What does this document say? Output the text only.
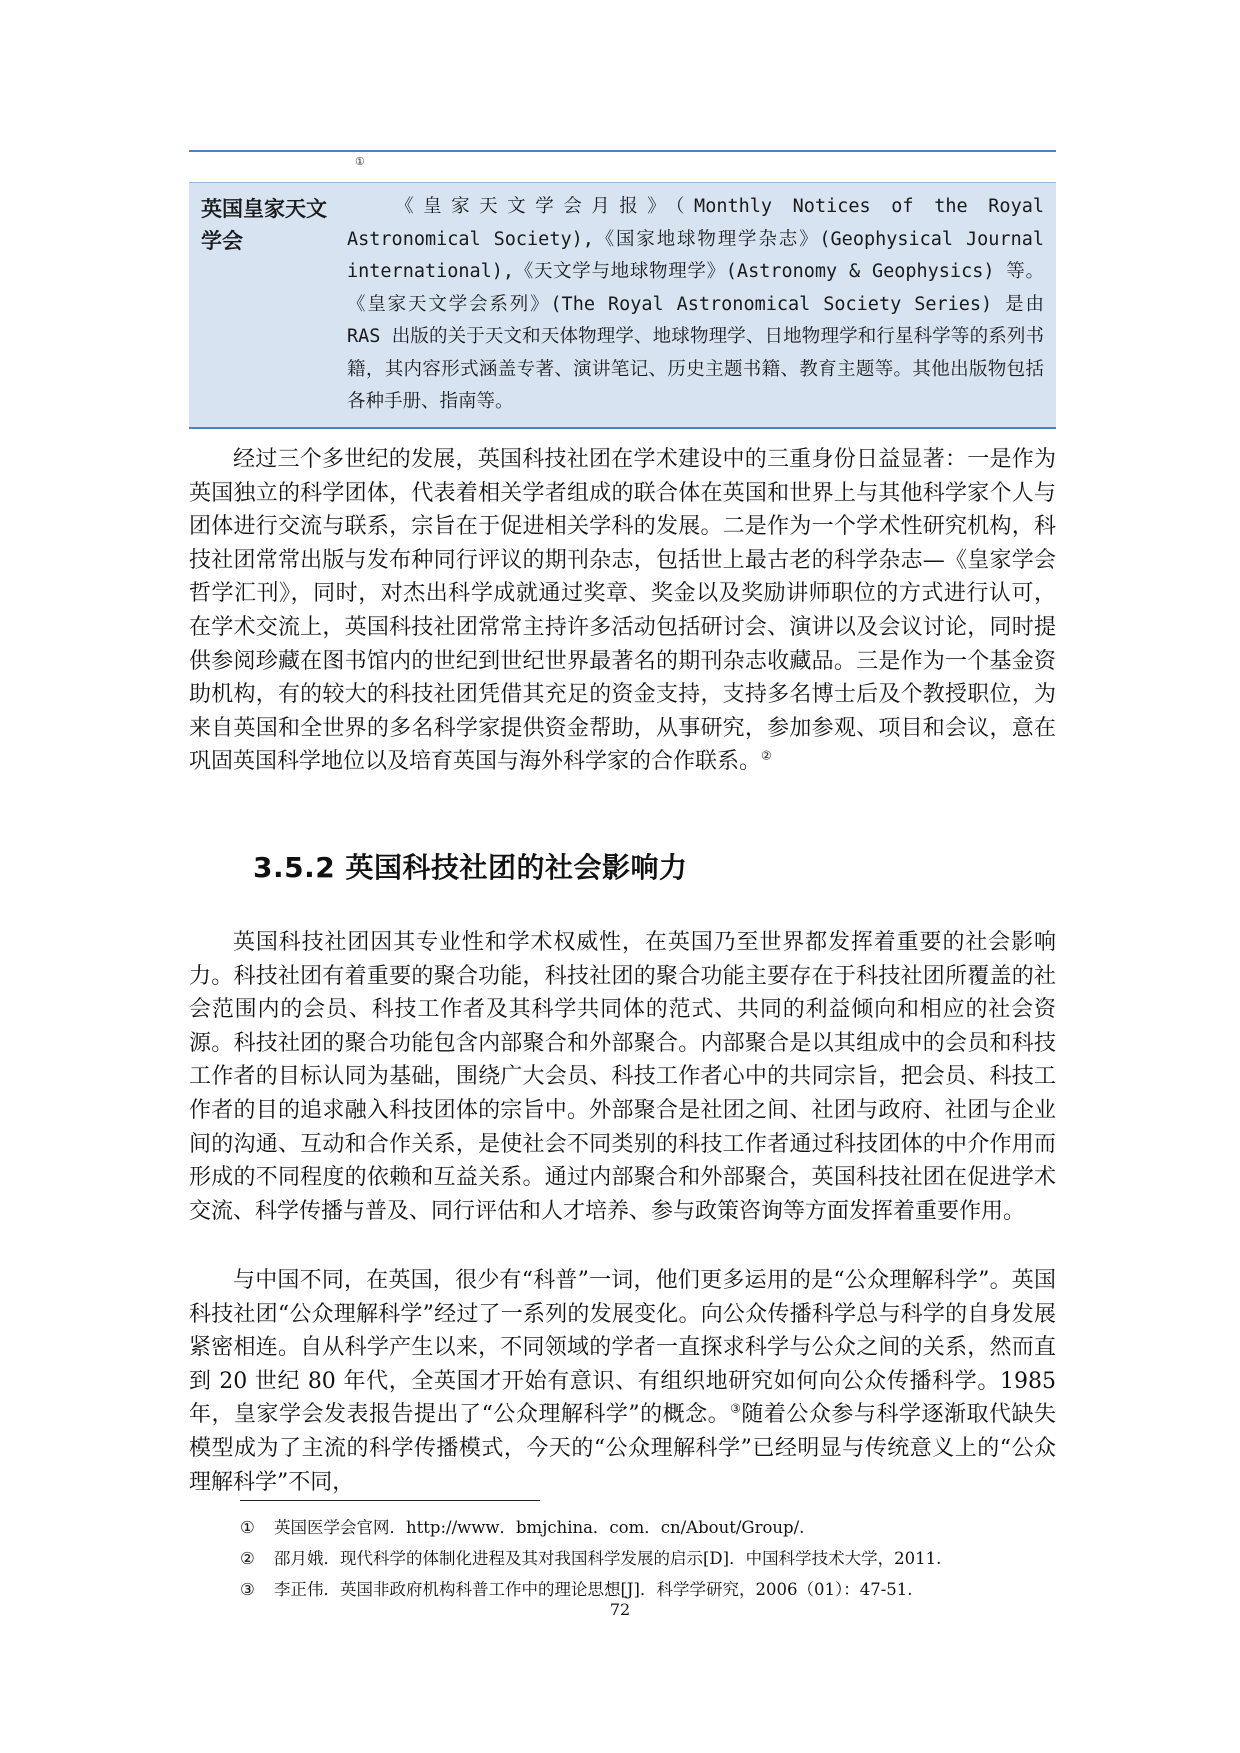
①
英国皇家天文学会
《皇家天文学会月报》（Monthly Notices of the Royal Astronomical Society),《国家地球物理学杂志》(Geophysical Journal international),《天文学与地球物理学》(Astronomy & Geophysics) 等。《皇家天文学会系列》(The Royal Astronomical Society Series) 是由 RAS 出版的关于天文和天体物理学、地球物理学、日地物理学和行星科学等的系列书籍，其内容形式涵盖专著、演讲笔记、历史主题书籍、教育主题等。其他出版物包括各种手册、指南等。

经过三个多世纪的发展，英国科技社团在学术建设中的三重身份日益显著：一是作为英国独立的科学团体，代表着相关学者组成的联合体在英国和世界上与其他科学家个人与团体进行交流与联系，宗旨在于促进相关学科的发展。二是作为一个学术性研究机构，科技社团常常出版与发布种同行评议的期刊杂志，包括世上最古老的科学杂志—《皇家学会哲学汇刊》，同时，对杰出科学成就通过奖章、奖金以及奖励讲师职位的方式进行认可，在学术交流上，英国科技社团常常主持许多活动包括研讨会、演讲以及会议讨论，同时提供参阅珍藏在图书馆内的世纪到世纪世界最著名的期刊杂志收藏品。三是作为一个基金资助机构，有的较大的科技社团凭借其充足的资金支持，支持多名博士后及个教授职位，为来自英国和全世界的多名科学家提供资金帮助，从事研究，参加参观、项目和会议，意在巩固英国科学地位以及培育英国与海外科学家的合作联系。②

3.5.2 英国科技社团的社会影响力

英国科技社团因其专业性和学术权威性，在英国乃至世界都发挥着重要的社会影响力。科技社团有着重要的聚合功能，科技社团的聚合功能主要存在于科技社团所覆盖的社会范围内的会员、科技工作者及其科学共同体的范式、共同的利益倾向和相应的社会资源。科技社团的聚合功能包含内部聚合和外部聚合。内部聚合是以其组成中的会员和科技工作者的目标认同为基础，围绕广大会员、科技工作者心中的共同宗旨，把会员、科技工作者的目的追求融入科技团体的宗旨中。外部聚合是社团之间、社团与政府、社团与企业间的沟通、互动和合作关系，是使社会不同类别的科技工作者通过科技团体的中介作用而形成的不同程度的依赖和互益关系。通过内部聚合和外部聚合，英国科技社团在促进学术交流、科学传播与普及、同行评估和人才培养、参与政策咨询等方面发挥着重要作用。

与中国不同，在英国，很少有“科普”一词，他们更多运用的是“公众理解科学”。英国科技社团“公众理解科学”经过了一系列的发展变化。向公众传播科学总与科学的自身发展紧密相连。自从科学产生以来，不同领域的学者一直探求科学与公众之间的关系，然而直到 20 世纪 80 年代，全英国才开始有意识、有组织地研究如何向公众传播科学。1985 年，皇家学会发表报告提出了“公众理解科学”的概念。③随着公众参与科学逐渐取代缺失模型成为了主流的科学传播模式，今天的“公众理解科学”已经明显与传统意义上的“公众理解科学”不同，

① 英国医学会官网．http://www．bmjchina．com．cn/About/Group/.
② 邵月娥．现代科学的体制化进程及其对我国科学发展的启示[D]．中国科学技术大学，2011.
③ 李正伟．英国非政府机构科普工作中的理论思想[J]．科学学研究，2006（01）：47-51.
72
